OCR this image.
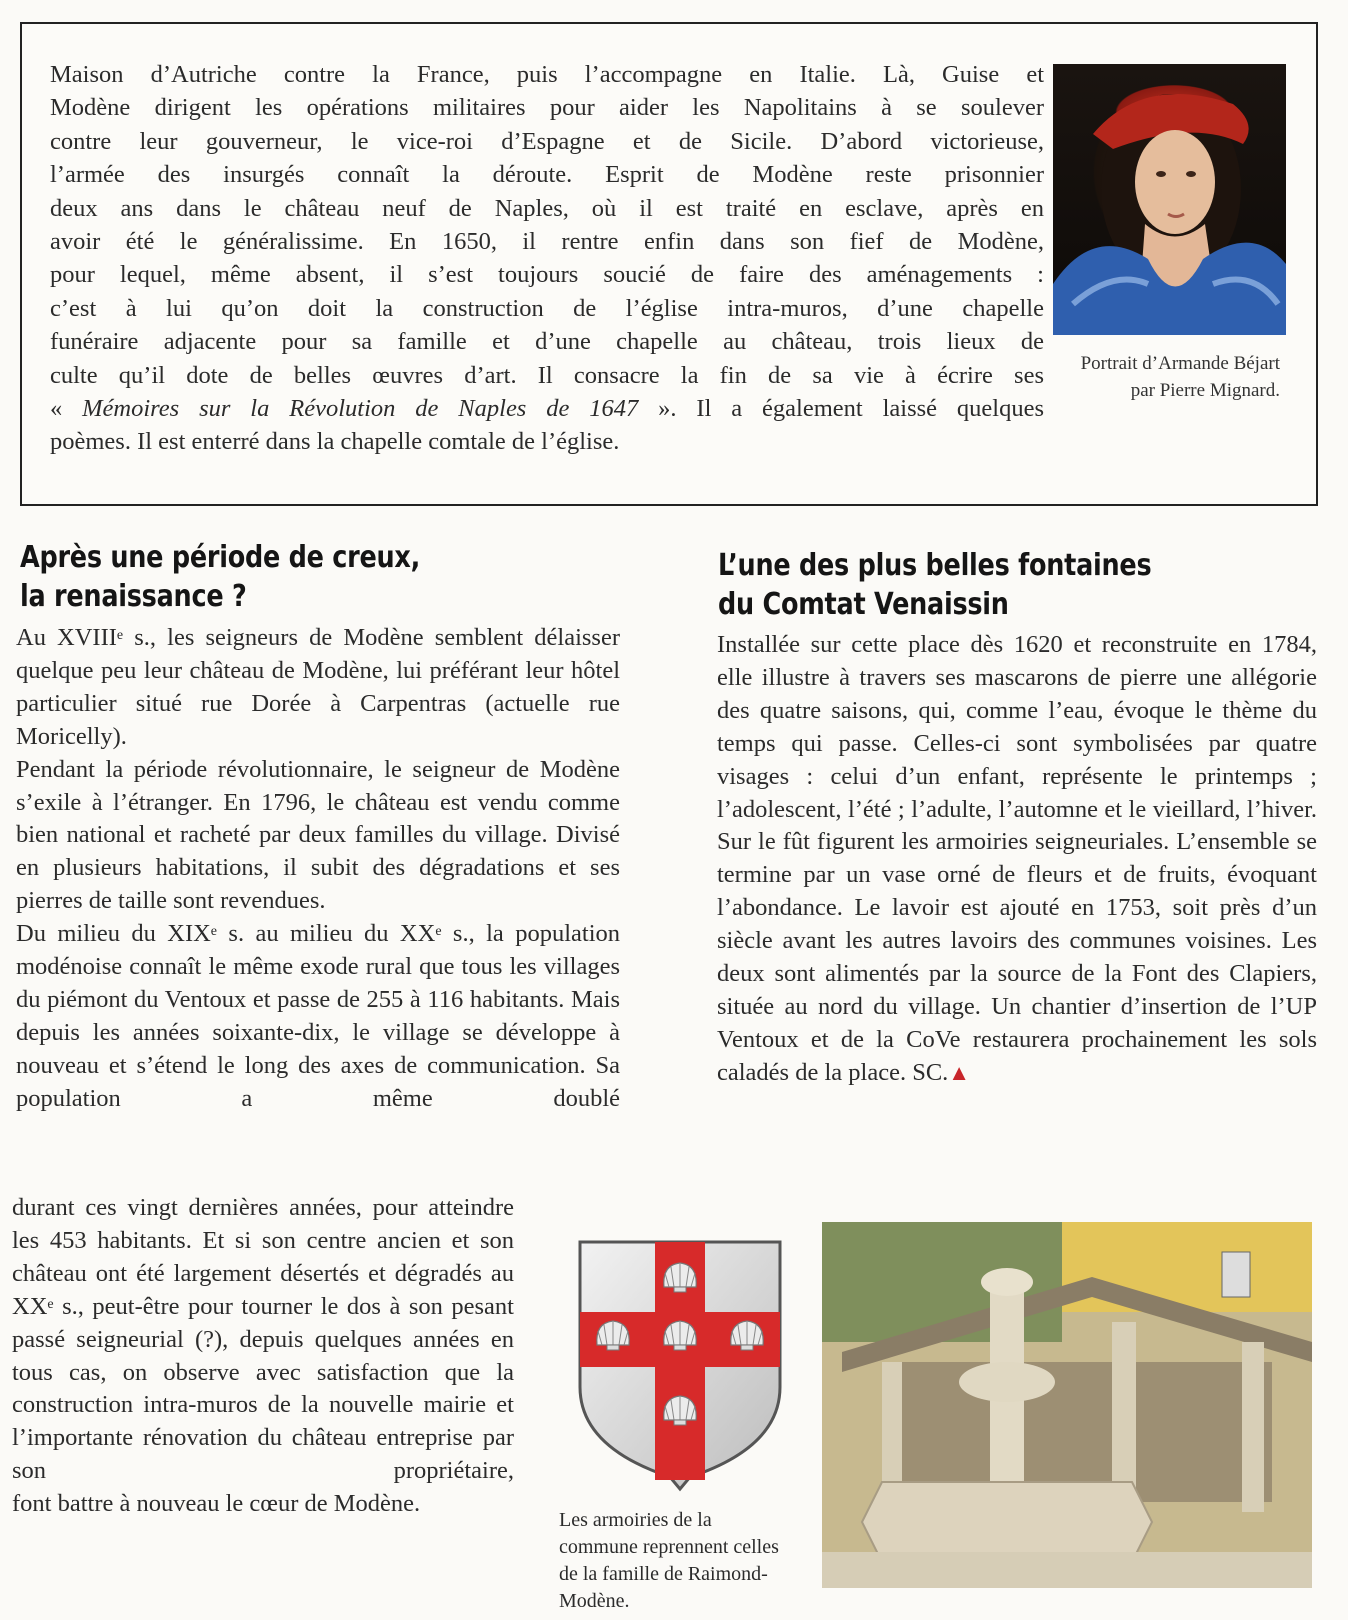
Maison d’Autriche contre la France, puis l’accompagne en Italie. Là, Guise et

Modène dirigent les opérations militaires pour aider les Napolitains à se soulever

contre leur gouverneur, le vice-roi d’Espagne et de Sicile. D’abord victorieuse,

l’armée des insurgés connaît la déroute. Esprit de Modène reste prisonnier

deux ans dans le château neuf de Naples, où il est traité en esclave, après en

avoir été le généralissime. En 1650, il rentre enfin dans son fief de Modène,

pour lequel, même absent, il s’est toujours soucié de faire des aménagements :

c’est à lui qu’on doit la construction de l’église intra-muros, d’une chapelle

funéraire adjacente pour sa famille et d’une chapelle au château, trois lieux de

culte qu’il dote de belles œuvres d’art. Il consacre la fin de sa vie à écrire ses

« Mémoires sur la Révolution de Naples de 1647 ». Il a également laissé quelques

poèmes. Il est enterré dans la chapelle comtale de l’église.

Portrait d’Armande Béjart par Pierre Mignard.
Après une période de creux,
la renaissance ?

Au XVIIIe s., les seigneurs de Modène semblent délaisser quelque peu leur château de Modène, lui préférant leur hôtel particulier situé rue Dorée à Carpentras (actuelle rue Moricelly).

Pendant la période révolutionnaire, le seigneur de Modène s’exile à l’étranger. En 1796, le château est vendu comme bien national et racheté par deux familles du village. Divisé en plusieurs habitations, il subit des dégradations et ses pierres de taille sont revendues.

Du milieu du XIXe s. au milieu du XXe s., la population modénoise connaît le même exode rural que tous les villages du piémont du Ventoux et passe de 255 à 116 habitants. Mais depuis les années soixante-dix, le village se développe à nouveau et s’étend le long des axes de communication. Sa population a même doublé

durant ces vingt dernières années, pour atteindre les 453 habitants. Et si son centre ancien et son château ont été largement désertés et dégradés au XXe s., peut-être pour tourner le dos à son pesant passé seigneurial (?), depuis quelques années en tous cas, on observe avec satisfaction que la construction intra-muros de la nouvelle mairie et l’importante rénovation du château entreprise par son propriétaire,

font battre à nouveau le cœur de Modène.

L’une des plus belles fontaines
du Comtat Venaissin

Installée sur cette place dès 1620 et reconstruite en 1784, elle illustre à travers ses mascarons de pierre une allégorie des quatre saisons, qui, comme l’eau, évoque le thème du temps qui passe. Celles-ci sont symbolisées par quatre visages : celui d’un enfant, représente le printemps ; l’adolescent, l’été ; l’adulte, l’automne et le vieillard, l’hiver. Sur le fût figurent les armoiries seigneuriales. L’ensemble se termine par un vase orné de fleurs et de fruits, évoquant l’abondance. Le lavoir est ajouté en 1753, soit près d’un siècle avant les autres lavoirs des communes voisines. Les deux sont alimentés par la source de la Font des Clapiers, située au nord du village. Un chantier d’insertion de l’UP Ventoux et de la CoVe restaurera prochainement les sols caladés de la place. SC.▲

Les armoiries de la commune reprennent celles de la famille de Raimond-Modène.
